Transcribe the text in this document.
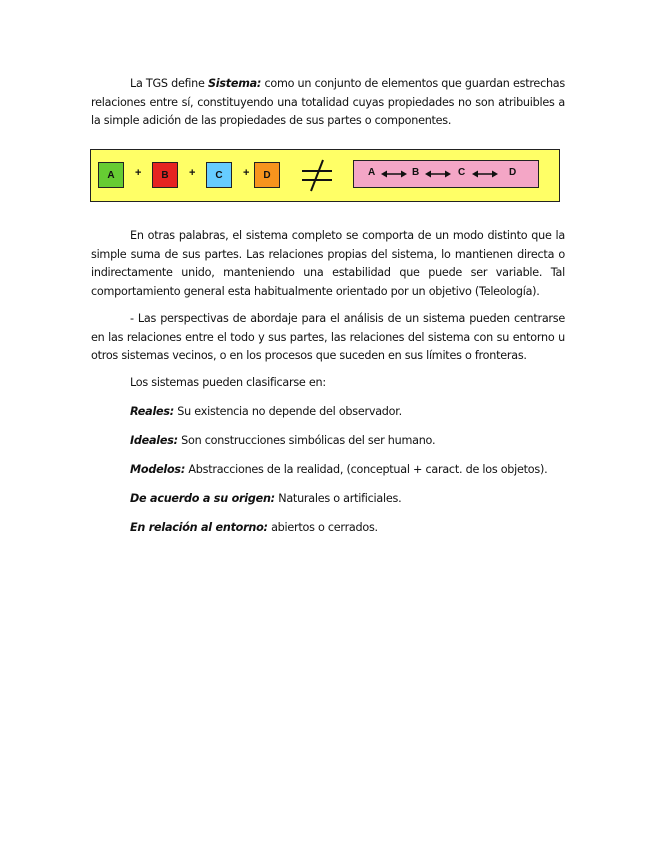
La TGS define Sistema: como un conjunto de elementos que guardan estrechas relaciones entre sí, constituyendo una totalidad cuyas propiedades no son atribuibles a la simple adición de las propiedades de sus partes o componentes.

A	+	B	+	C	+	D	A	B	C	D

En otras palabras, el sistema completo se comporta de un modo distinto que la simple suma de sus partes. Las relaciones propias del sistema, lo mantienen directa o indirectamente unido, manteniendo una estabilidad que puede ser variable. Tal comportamiento general esta habitualmente orientado por un objetivo (Teleología).

- Las perspectivas de abordaje para el análisis de un sistema pueden centrarse en las relaciones entre el todo y sus partes, las relaciones del sistema con su entorno u otros sistemas vecinos, o en los procesos que suceden en sus límites o fronteras.

Los sistemas pueden clasificarse en:

Reales: Su existencia no depende del observador.

Ideales: Son construcciones simbólicas del ser humano.

Modelos: Abstracciones de la realidad, (conceptual + caract. de los objetos).

De acuerdo a su origen: Naturales o artificiales.

En relación al entorno: abiertos o cerrados.
